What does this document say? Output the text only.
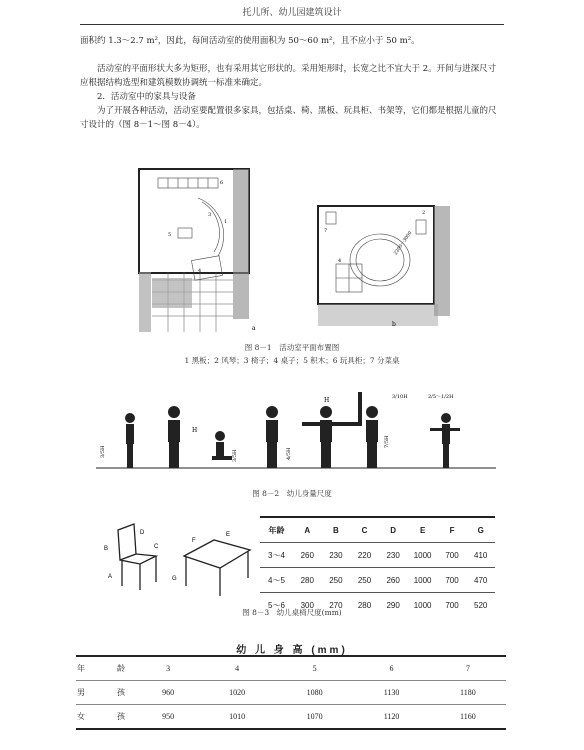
托儿所、幼儿园建筑设计
面积约 1.3～2.7 m²，因此，每间活动室的使用面积为 50～60 m²，且不应小于 50 m²。
活动室的平面形状大多为矩形，也有采用其它形状的。采用矩形时，长宽之比不宜大于 2。开间与进深尺寸应根据结构选型和建筑模数协调统一标准来确定。
2．活动室中的家具与设备
为了开展各种活动，活动室要配置很多家具，包括桌、椅、黑板、玩具柜、书架等，它们都是根据儿童的尺寸设计的（图 8－1～图 8－4）。
6
1
3
5
4
a
2200～3000
7
2
4
b
图 8－1　活动室平面布置图
1 黑板；2 风琴；3 椅子；4 桌子；5 积木；6 玩具柜；7 分菜桌
3/5H
H
3/5H	4/5H
H
7/5H
3/10H	2/5～1/2H
图 8－2　幼儿身量尺度
B
D
C
A	G
F
E
年龄	A	B	C	D	E	F	G
3～4	260	230	220	230	1000	700	410
4～5	280	250	250	260	1000	700	470
5～6	300	270	280	290	1000	700	520
图 8－3　幼儿桌椅尺度(mm)
幼 儿 身 高 (mm)
年　龄	3	4	5	6	7
男　孩	960	1020	1080	1130	1180
女　孩	950	1010	1070	1120	1160
